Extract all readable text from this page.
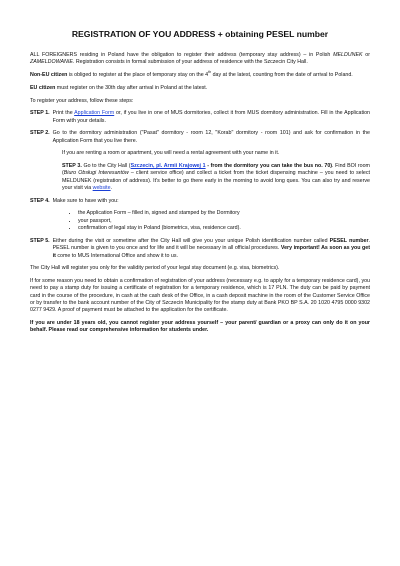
REGISTRATION OF YOU ADDRESS + obtaining PESEL number

ALL FOREIGNERS residing in Poland have the obligation to register their address (temporary stay address) – in Polish MELDUNEK or ZAMELDOWANIE. Registration consists in formal submission of your address of residence with the Szczecin City Hall.

Non-EU citizen is obliged to register at the place of temporary stay on the 4th day at the latest, counting from the date of arrival to Poland.

EU citizen must register on the 30th day after arrival in Poland at the latest.

To register your address, follow these steps:

STEP 1. Print the Application Form or, if you live in one of MUS dormitories, collect it from MUS dormitory administration. Fill in the Application Form with your details.
STEP 2. Go to the dormitory administration ("Pasat" dormitory - room 12, "Korab" dormitory - room 101) and ask for confirmation in the Application Form that you live there.

If you are renting a room or apartment, you will need a rental agreement with your name in it.

STEP 3. Go to the City Hall (Szczecin, pl. Armii Krajowej 1 - from the dormitory you can take the bus no. 70). Find BOI room (Biuro Obsługi Interesantów – client service office) and collect a ticket from the ticket dispensing machine – you need to select MELDUNEK (registration of address). It's better to go there early in the morning to avoid long ques. You can also try and reserve your visit via website.

STEP 4. Make sure to have with you:
• the Application Form – filled in, signed and stamped by the Dormitory
• your passport,
• confirmation of legal stay in Poland (biometrics, visa, residence card).
STEP 5. Either during the visit or sometime after the City Hall will give you your unique Polish identification number called PESEL number. PESEL number is given to you once and for life and it will be necessary in all official procedures. Very important! As soon as you get it come to MUS International Office and show it to us.

The City Hall will register you only for the validity period of your legal stay document (e.g. visa, biometrics).

If for some reason you need to obtain a confirmation of registration of your address (necessary e.g. to apply for a temporary residence card), you need to pay a stamp duty for issuing a certificate of registration for a temporary residence, which is 17 PLN. The duty can be paid by payment card in the course of the procedure, in cash at the cash desk of the Office, in a cash deposit machine in the room of the Customer Service Office or by transfer to the bank account number of the City of Szczecin Municipality for the stamp duty at Bank PKO BP S.A. 20 1020 4795 0000 9302 0277 9429. A proof of payment must be attached to the application for the certificate.

If you are under 18 years old, you cannot register your address yourself – your parent/ guardian or a proxy can only do it on your behalf. Please read our comprehensive information for students under.
